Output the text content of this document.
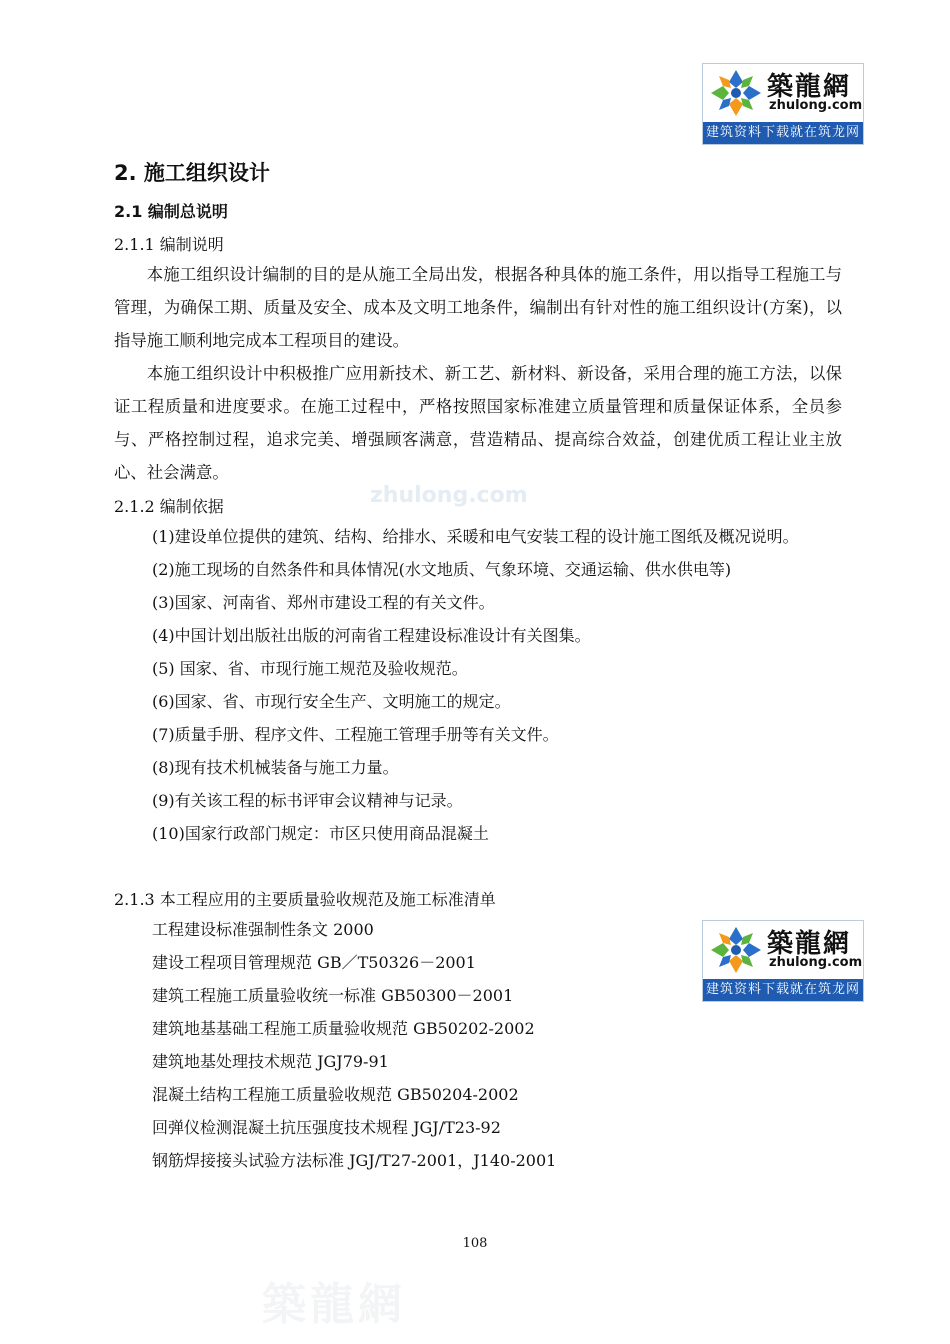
築龍網
zhulong.com
建筑资料下载就在筑龙网
築龍網
zhulong.com
建筑资料下载就在筑龙网
zhulong.com
築龍網
2. 施工组织设计
2.1 编制总说明
2.1.1 编制说明

本施工组织设计编制的目的是从施工全局出发，根据各种具体的施工条件，用以指导工程施工与管理，为确保工期、质量及安全、成本及文明工地条件，编制出有针对性的施工组织设计(方案)，以指导施工顺利地完成本工程项目的建设。

本施工组织设计中积极推广应用新技术、新工艺、新材料、新设备，采用合理的施工方法，以保证工程质量和进度要求。在施工过程中，严格按照国家标准建立质量管理和质量保证体系，全员参与、严格控制过程，追求完美、增强顾客满意，营造精品、提高综合效益，创建优质工程让业主放心、社会满意。

2.1.2 编制依据
(1)建设单位提供的建筑、结构、给排水、采暖和电气安装工程的设计施工图纸及概况说明。
(2)施工现场的自然条件和具体情况(水文地质、气象环境、交通运输、供水供电等)
(3)国家、河南省、郑州市建设工程的有关文件。
(4)中国计划出版社出版的河南省工程建设标准设计有关图集。
(5) 国家、省、市现行施工规范及验收规范。
(6)国家、省、市现行安全生产、文明施工的规定。
(7)质量手册、程序文件、工程施工管理手册等有关文件。
(8)现有技术机械装备与施工力量。
(9)有关该工程的标书评审会议精神与记录。
(10)国家行政部门规定：市区只使用商品混凝土
2.1.3 本工程应用的主要质量验收规范及施工标准清单
工程建设标准强制性条文 2000
建设工程项目管理规范 GB／T50326－2001
建筑工程施工质量验收统一标准 GB50300－2001
建筑地基基础工程施工质量验收规范 GB50202-2002
建筑地基处理技术规范 JGJ79-91
混凝土结构工程施工质量验收规范 GB50204-2002
回弹仪检测混凝土抗压强度技术规程 JGJ/T23-92
钢筋焊接接头试验方法标准 JGJ/T27-2001，J140-2001
108
